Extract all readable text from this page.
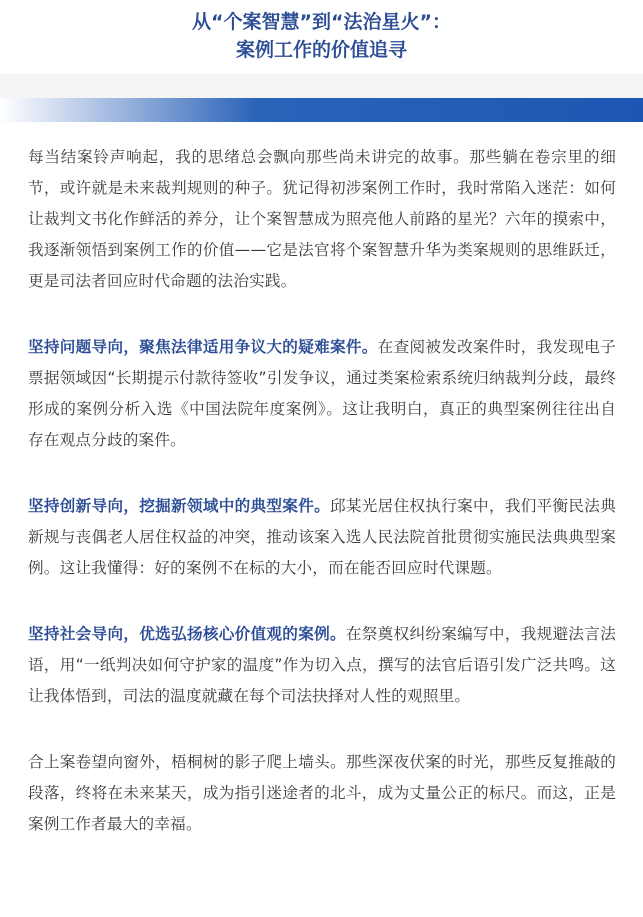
从“个案智慧”到“法治星火”：
案例工作的价值追寻

每当结案铃声响起，我的思绪总会飘向那些尚未讲完的故事。那些躺在卷宗里的细节，或许就是未来裁判规则的种子。犹记得初涉案例工作时，我时常陷入迷茫：如何让裁判文书化作鲜活的养分，让个案智慧成为照亮他人前路的星光？六年的摸索中，我逐渐领悟到案例工作的价值——它是法官将个案智慧升华为类案规则的思维跃迁，更是司法者回应时代命题的法治实践。

坚持问题导向，聚焦法律适用争议大的疑难案件。在查阅被发改案件时，我发现电子票据领域因“长期提示付款待签收”引发争议，通过类案检索系统归纳裁判分歧，最终形成的案例分析入选《中国法院年度案例》。这让我明白，真正的典型案例往往出自存在观点分歧的案件。

坚持创新导向，挖掘新领域中的典型案件。邱某光居住权执行案中，我们平衡民法典新规与丧偶老人居住权益的冲突，推动该案入选人民法院首批贯彻实施民法典典型案例。这让我懂得：好的案例不在标的大小，而在能否回应时代课题。

坚持社会导向，优选弘扬核心价值观的案例。在祭奠权纠纷案编写中，我规避法言法语，用“一纸判决如何守护家的温度”作为切入点，撰写的法官后语引发广泛共鸣。这让我体悟到，司法的温度就藏在每个司法抉择对人性的观照里。

合上案卷望向窗外，梧桐树的影子爬上墙头。那些深夜伏案的时光，那些反复推敲的段落，终将在未来某天，成为指引迷途者的北斗，成为丈量公正的标尺。而这，正是案例工作者最大的幸福。
